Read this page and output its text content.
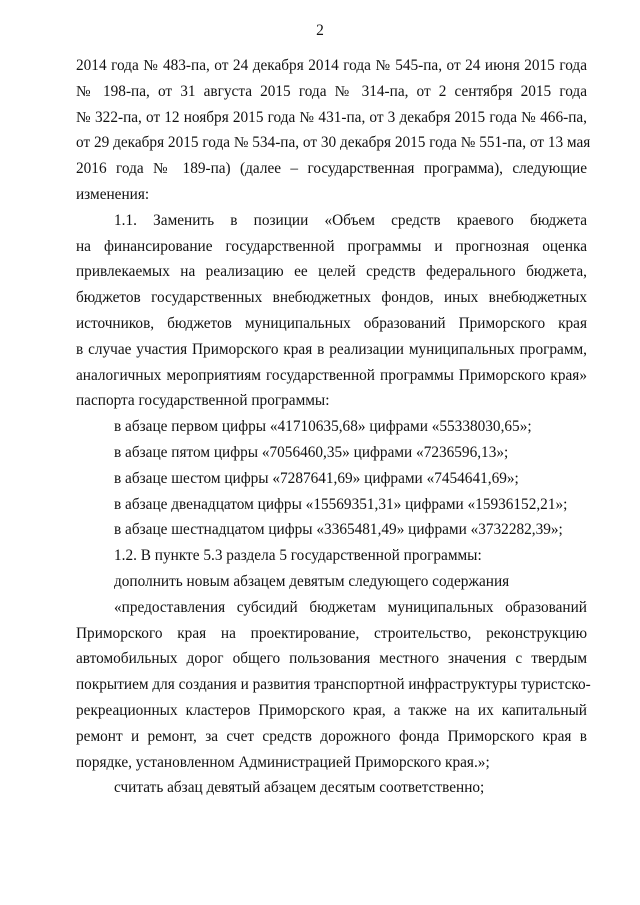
2
2014 года № 483-па, от 24 декабря 2014 года № 545-па, от 24 июня 2015 года
№ 198-па, от 31 августа 2015 года № 314-па, от 2 сентября 2015 года
№ 322-па, от 12 ноября 2015 года № 431-па, от 3 декабря 2015 года № 466-па,
от 29 декабря 2015 года № 534-па, от 30 декабря 2015 года № 551-па, от 13 мая
2016 года № 189-па) (далее – государственная программа), следующие
изменения:
1.1. Заменить в позиции «Объем средств краевого бюджета
на финансирование государственной программы и прогнозная оценка
привлекаемых на реализацию ее целей средств федерального бюджета,
бюджетов государственных внебюджетных фондов, иных внебюджетных
источников, бюджетов муниципальных образований Приморского края
в случае участия Приморского края в реализации муниципальных программ,
аналогичных мероприятиям государственной программы Приморского края»
паспорта государственной программы:
в абзаце первом цифры «41710635,68» цифрами «55338030,65»;
в абзаце пятом цифры «7056460,35» цифрами «7236596,13»;
в абзаце шестом цифры «7287641,69» цифрами «7454641,69»;
в абзаце двенадцатом цифры «15569351,31» цифрами «15936152,21»;
в абзаце шестнадцатом цифры «3365481,49» цифрами «3732282,39»;
1.2. В пункте 5.3 раздела 5 государственной программы:
дополнить новым абзацем девятым следующего содержания
«предоставления субсидий бюджетам муниципальных образований
Приморского края на проектирование, строительство, реконструкцию
автомобильных дорог общего пользования местного значения с твердым
покрытием для создания и развития транспортной инфраструктуры туристско-
рекреационных кластеров Приморского края, а также на их капитальный
ремонт и ремонт, за счет средств дорожного фонда Приморского края в
порядке, установленном Администрацией Приморского края.»;
считать абзац девятый абзацем десятым соответственно;
